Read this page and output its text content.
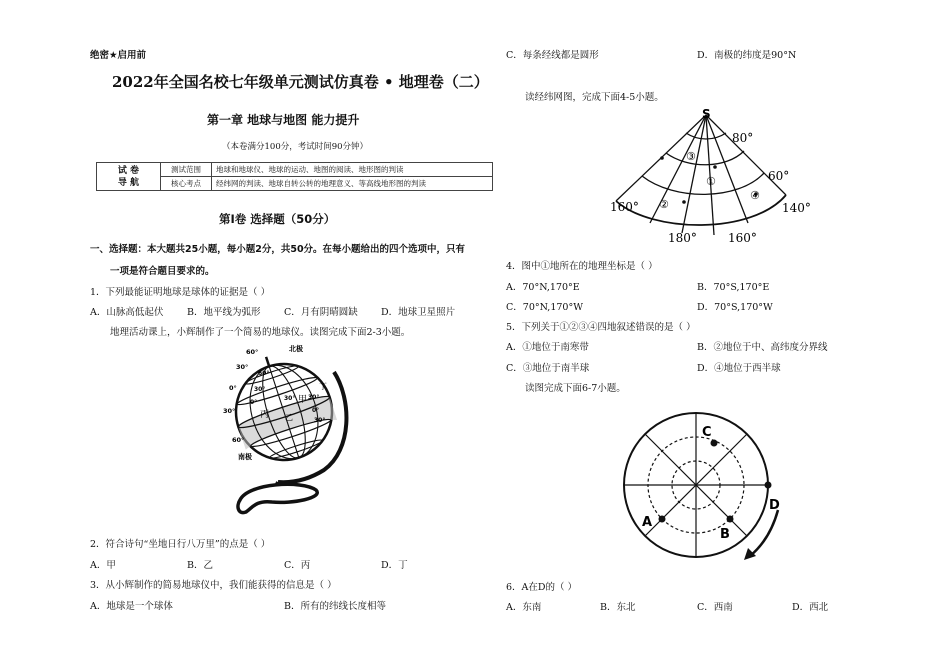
绝密★启用前
2022年全国名校七年级单元测试仿真卷 • 地理卷（二）
第一章 地球与地图 能力提升
（本卷满分100分，考试时间90分钟）
试 卷
导 航	测试范围	地球和地球仪、地球的运动、地图的阅读、地形图的判读
	核心考点	经纬网的判读、地球自转公转的地理意义、等高线地形图的判读
第Ⅰ卷 选择题（50分）
一、选择题：本大题共25小题，每小题2分，共50分。在每小题给出的四个选项中，只有
一项是符合题目要求的。
1．下列最能证明地球是球体的证据是（ ）
A．山脉高低起伏 B．地平线为弧形 C．月有阴晴圆缺 D．地球卫星照片
地理活动课上，小辉制作了一个简易的地球仪。读图完成下面2-3小题。
北极
南极
60°
30°
0°
30°
60°
60°
30°
0°
30° 30°
0°
30°
甲
乙
丙
丁
2．符合诗句“坐地日行八万里”的点是（ ）
A．甲	B．乙	C．丙	D．丁
3．从小辉制作的简易地球仪中，我们能获得的信息是（ ）
A．地球是一个球体	B．所有的纬线长度相等
C．每条经线都是圆形	D．南极的纬度是90°N
读经纬网图，完成下面4-5小题。
S
80°
60°
160°
180°	160°
140°
③
①
②
④
4．图中①地所在的地理坐标是（ ）
A．70°N,170°E	B．70°S,170°E
C．70°N,170°W	D．70°S,170°W
5．下列关于①②③④四地叙述错误的是（ ）
A．①地位于南寒带	B．②地位于中、高纬度分界线
C．③地位于南半球	D．④地位于西半球
读图完成下面6-7小题。
C
D
A
B
6．A在D的（ ）
A．东南	B．东北	C．西南	D．西北
